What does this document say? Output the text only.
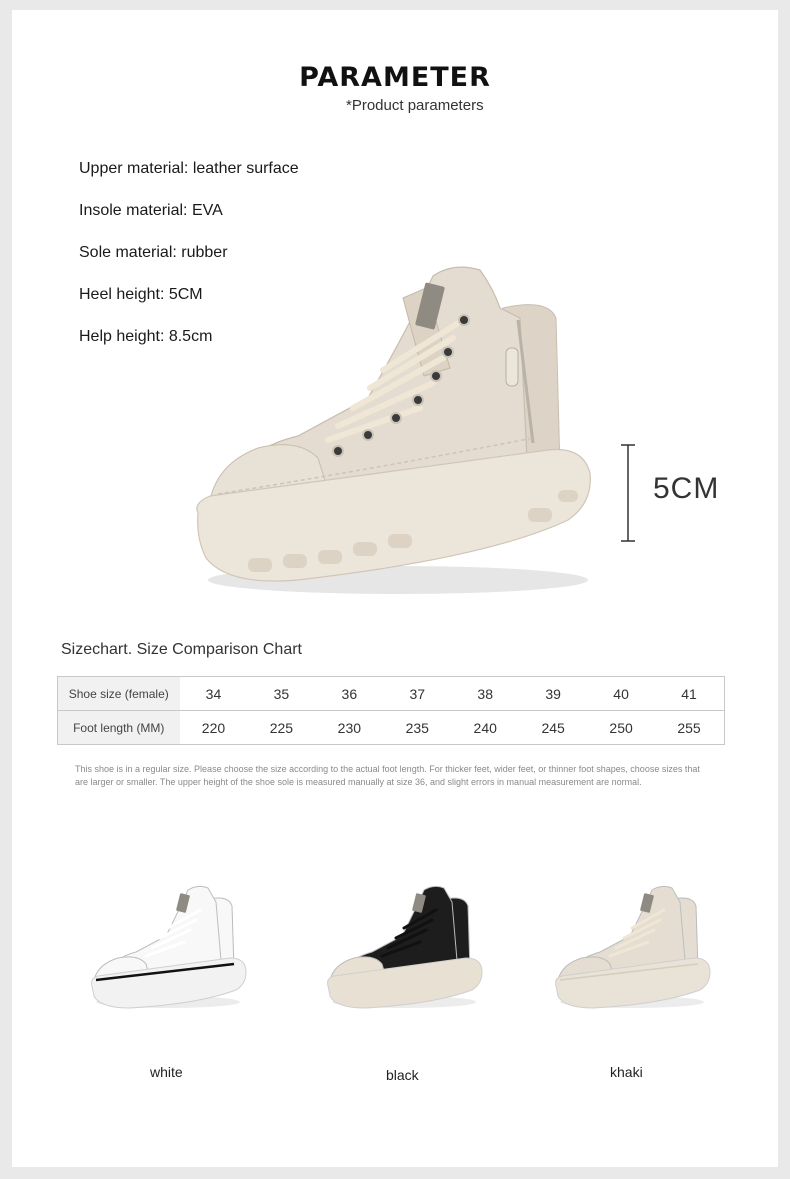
PARAMETER
*Product parameters
Upper material: leather surface
Insole material: EVA
Sole material: rubber
Heel height: 5CM
Help height: 8.5cm
5CM
Sizechart. Size Comparison Chart
Shoe size (female)	34	35	36	37	38	39	40	41	
Foot length (MM)	220	225	230	235	240	245	250	255	
This shoe is in a regular size. Please choose the size according to the actual foot length. For thicker feet, wider feet, or thinner foot shapes, choose sizes that are larger or smaller. The upper height of the shoe sole is measured manually at size 36, and slight errors in manual measurement are normal.
white	black	khaki
